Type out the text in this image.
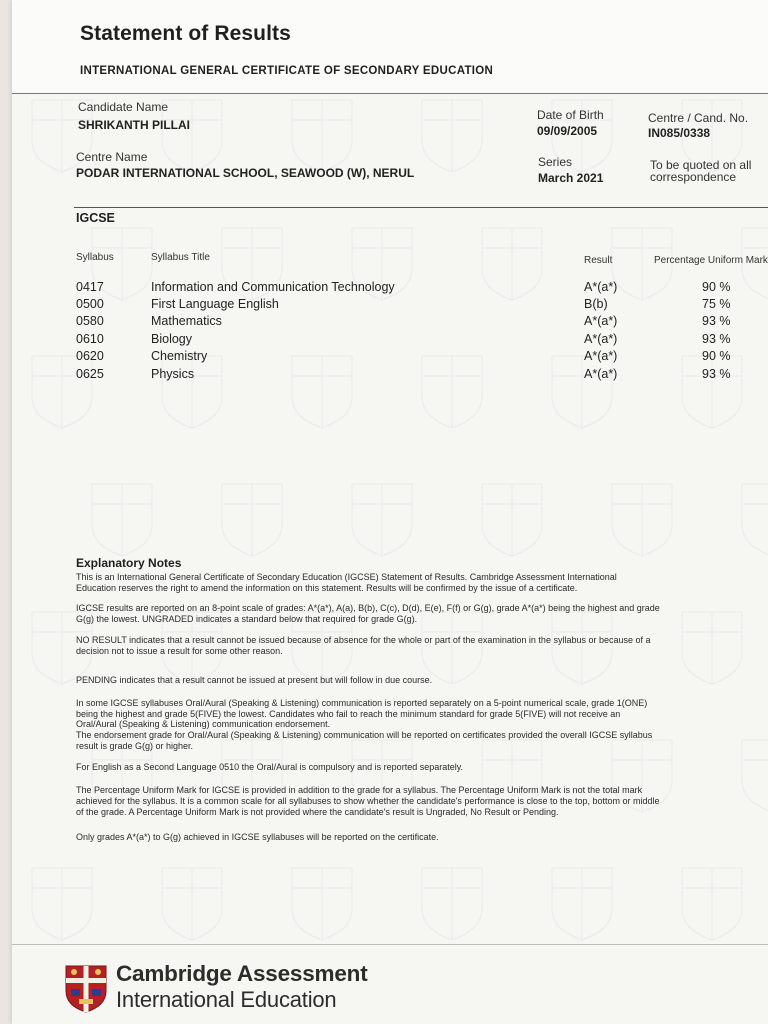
Statement of Results
INTERNATIONAL GENERAL CERTIFICATE OF SECONDARY EDUCATION
Candidate Name
SHRIKANTH PILLAI
Date of Birth
09/09/2005
Centre / Cand. No.
IN085/0338
Centre Name
PODAR INTERNATIONAL SCHOOL, SEAWOOD (W), NERUL
Series
March 2021
To be quoted on all
correspondence
IGCSE
Syllabus	Syllabus Title	Result	Percentage Uniform Mark
0417	Information and Communication Technology	A*(a*)	90 %
0500	First Language English	B(b)	75 %
0580	Mathematics	A*(a*)	93 %
0610	Biology	A*(a*)	93 %
0620	Chemistry	A*(a*)	90 %
0625	Physics	A*(a*)	93 %
Explanatory Notes
This is an International General Certificate of Secondary Education (IGCSE) Statement of Results. Cambridge Assessment International
Education reserves the right to amend the information on this statement. Results will be confirmed by the issue of a certificate.
IGCSE results are reported on an 8-point scale of grades: A*(a*), A(a), B(b), C(c), D(d), E(e), F(f) or G(g), grade A*(a*) being the highest and grade
G(g) the lowest. UNGRADED indicates a standard below that required for grade G(g).
NO RESULT indicates that a result cannot be issued because of absence for the whole or part of the examination in the syllabus or because of a
decision not to issue a result for some other reason.
PENDING indicates that a result cannot be issued at present but will follow in due course.
In some IGCSE syllabuses Oral/Aural (Speaking & Listening) communication is reported separately on a 5-point numerical scale, grade 1(ONE)
being the highest and grade 5(FIVE) the lowest. Candidates who fail to reach the minimum standard for grade 5(FIVE) will not receive an
Oral/Aural (Speaking & Listening) communication endorsement.
The endorsement grade for Oral/Aural (Speaking & Listening) communication will be reported on certificates provided the overall IGCSE syllabus
result is grade G(g) or higher.
For English as a Second Language 0510 the Oral/Aural is compulsory and is reported separately.
The Percentage Uniform Mark for IGCSE is provided in addition to the grade for a syllabus. The Percentage Uniform Mark is not the total mark
achieved for the syllabus. It is a common scale for all syllabuses to show whether the candidate's performance is close to the top, bottom or middle
of the grade. A Percentage Uniform Mark is not provided where the candidate's result is Ungraded, No Result or Pending.
Only grades A*(a*) to G(g) achieved in IGCSE syllabuses will be reported on the certificate.
Cambridge Assessment
International Education
